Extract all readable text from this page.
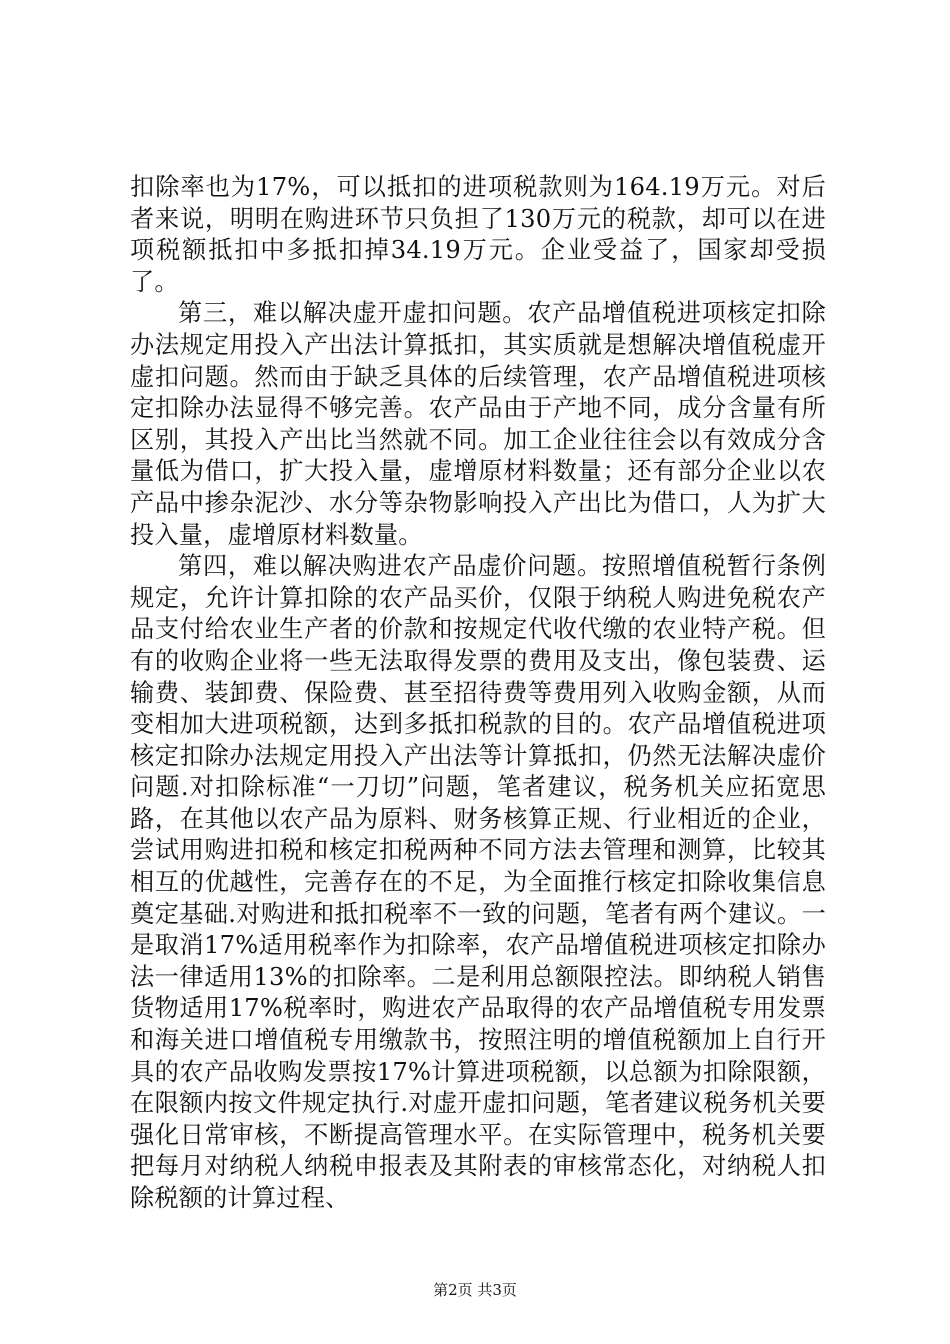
扣除率也为17%，可以抵扣的进项税款则为164.19万元。对后者来说，明明在购进环节只负担了130万元的税款，却可以在进项税额抵扣中多抵扣掉34.19万元。企业受益了，国家却受损了。

第三，难以解决虚开虚扣问题。农产品增值税进项核定扣除办法规定用投入产出法计算抵扣，其实质就是想解决增值税虚开虚扣问题。然而由于缺乏具体的后续管理，农产品增值税进项核定扣除办法显得不够完善。农产品由于产地不同，成分含量有所区别，其投入产出比当然就不同。加工企业往往会以有效成分含量低为借口，扩大投入量，虚增原材料数量；还有部分企业以农产品中掺杂泥沙、水分等杂物影响投入产出比为借口，人为扩大投入量，虚增原材料数量。

第四，难以解决购进农产品虚价问题。按照增值税暂行条例规定，允许计算扣除的农产品买价，仅限于纳税人购进免税农产品支付给农业生产者的价款和按规定代收代缴的农业特产税。但有的收购企业将一些无法取得发票的费用及支出，像包装费、运输费、装卸费、保险费、甚至招待费等费用列入收购金额，从而变相加大进项税额，达到多抵扣税款的目的。农产品增值税进项核定扣除办法规定用投入产出法等计算抵扣，仍然无法解决虚价问题.对扣除标准“一刀切”问题，笔者建议，税务机关应拓宽思路，在其他以农产品为原料、财务核算正规、行业相近的企业，尝试用购进扣税和核定扣税两种不同方法去管理和测算，比较其相互的优越性，完善存在的不足，为全面推行核定扣除收集信息奠定基础.对购进和抵扣税率不一致的问题，笔者有两个建议。一是取消17%适用税率作为扣除率，农产品增值税进项核定扣除办法一律适用13%的扣除率。二是利用总额限控法。即纳税人销售货物适用17%税率时，购进农产品取得的农产品增值税专用发票和海关进口增值税专用缴款书，按照注明的增值税额加上自行开具的农产品收购发票按17%计算进项税额，以总额为扣除限额，在限额内按文件规定执行.对虚开虚扣问题，笔者建议税务机关要强化日常审核，不断提高管理水平。在实际管理中，税务机关要把每月对纳税人纳税申报表及其附表的审核常态化，对纳税人扣除税额的计算过程、

第2页 共3页
